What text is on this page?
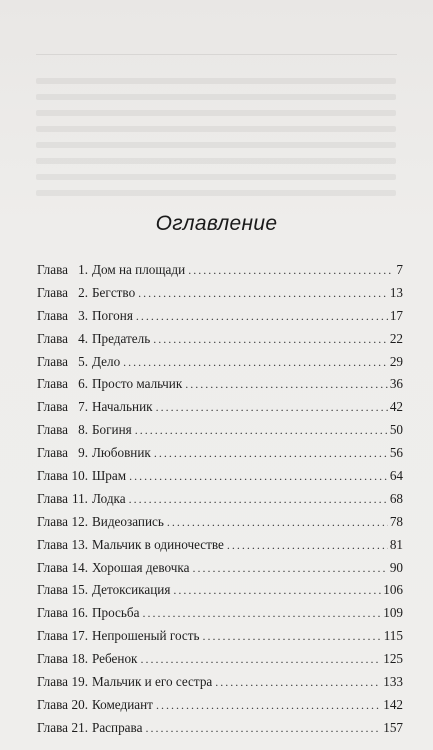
Оглавление
Глава 1. Дом на площади . . .	7
Глава 2. Бегство . . .	13
Глава 3. Погоня . . .	17
Глава 4. Предатель . . .	22
Глава 5. Дело . . .	29
Глава 6. Просто мальчик . . .	36
Глава 7. Начальник . . .	42
Глава 8. Богиня . . .	50
Глава 9. Любовник . . .	56
Глава 10. Шрам . . .	64
Глава 11. Лодка . . .	68
Глава 12. Видеозапись . . .	78
Глава 13. Мальчик в одиночестве . . .	81
Глава 14. Хорошая девочка . . .	90
Глава 15. Детоксикация . . .	106
Глава 16. Просьба . . .	109
Глава 17. Непрошеный гость . . .	115
Глава 18. Ребенок . . .	125
Глава 19. Мальчик и его сестра . . .	133
Глава 20. Комедиант . . .	142
Глава 21. Расправа . . .	157
